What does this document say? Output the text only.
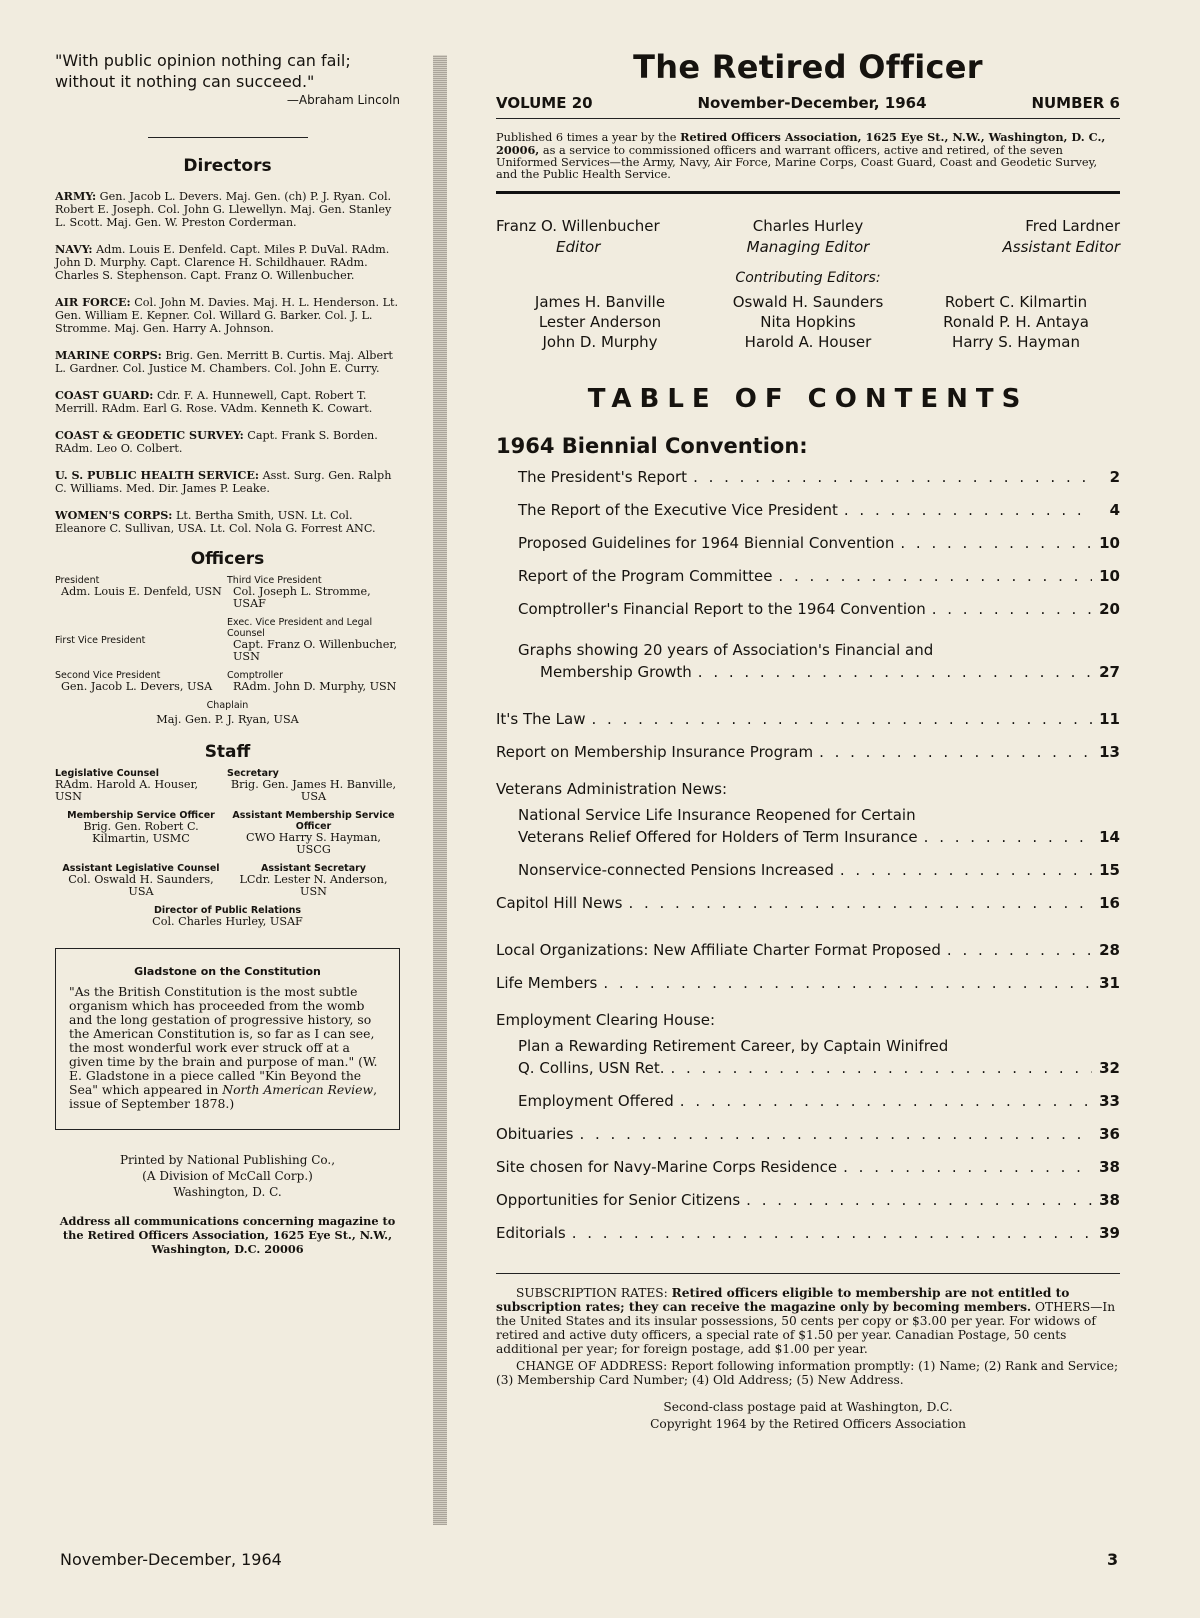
"With public opinion nothing can fail; without it nothing can succeed."
—Abraham Lincoln
Directors
ARMY: Gen. Jacob L. Devers. Maj. Gen. (ch) P. J. Ryan. Col. Robert E. Joseph. Col. John G. Llewellyn. Maj. Gen. Stanley L. Scott. Maj. Gen. W. Preston Corderman.
NAVY: Adm. Louis E. Denfeld. Capt. Miles P. DuVal. RAdm. John D. Murphy. Capt. Clarence H. Schildhauer. RAdm. Charles S. Stephenson. Capt. Franz O. Willenbucher.
AIR FORCE: Col. John M. Davies. Maj. H. L. Henderson. Lt. Gen. William E. Kepner. Col. Willard G. Barker. Col. J. L. Stromme. Maj. Gen. Harry A. Johnson.
MARINE CORPS: Brig. Gen. Merritt B. Curtis. Maj. Albert L. Gardner. Col. Justice M. Chambers. Col. John E. Curry.
COAST GUARD: Cdr. F. A. Hunnewell, Capt. Robert T. Merrill. RAdm. Earl G. Rose. VAdm. Kenneth K. Cowart.
COAST & GEODETIC SURVEY: Capt. Frank S. Borden. RAdm. Leo O. Colbert.
U. S. PUBLIC HEALTH SERVICE: Asst. Surg. Gen. Ralph C. Williams. Med. Dir. James P. Leake.
WOMEN'S CORPS: Lt. Bertha Smith, USN. Lt. Col. Eleanore C. Sullivan, USA. Lt. Col. Nola G. Forrest ANC.
Officers
President
Adm. Louis E. Denfeld, USN
Third Vice President
Col. Joseph L. Stromme, USAF
First Vice President
Exec. Vice President and Legal Counsel
Capt. Franz O. Willenbucher, USN
Second Vice President
Gen. Jacob L. Devers, USA
Comptroller
RAdm. John D. Murphy, USN
Chaplain
Maj. Gen. P. J. Ryan, USA
Staff
Legislative Counsel
RAdm. Harold A. Houser, USN
Secretary
Brig. Gen. James H. Banville, USA
Membership Service Officer
Brig. Gen. Robert C. Kilmartin, USMC
Assistant Membership Service Officer
CWO Harry S. Hayman, USCG
Assistant Legislative Counsel
Col. Oswald H. Saunders, USA
Assistant Secretary
LCdr. Lester N. Anderson, USN
Director of Public Relations
Col. Charles Hurley, USAF
Gladstone on the Constitution
"As the British Constitution is the most subtle organism which has proceeded from the womb and the long gestation of progressive history, so the American Constitution is, so far as I can see, the most wonderful work ever struck off at a given time by the brain and purpose of man." (W. E. Gladstone in a piece called "Kin Beyond the Sea" which appeared in North American Review, issue of September 1878.)
Printed by National Publishing Co.,
(A Division of McCall Corp.)
Washington, D. C.
Address all communications concerning magazine to the Retired Officers Association, 1625 Eye St., N.W., Washington, D.C. 20006
The Retired Officer
VOLUME 20	November-December, 1964	NUMBER 6
Published 6 times a year by the Retired Officers Association, 1625 Eye St., N.W., Washington, D. C., 20006, as a service to commissioned officers and warrant officers, active and retired, of the seven Uniformed Services—the Army, Navy, Air Force, Marine Corps, Coast Guard, Coast and Geodetic Survey, and the Public Health Service.
Franz O. Willenbucher
Editor
Charles Hurley
Managing Editor
Fred Lardner
Assistant Editor
Contributing Editors:
James H. Banville
Lester Anderson
John D. Murphy
Oswald H. Saunders
Nita Hopkins
Harold A. Houser
Robert C. Kilmartin
Ronald P. H. Antaya
Harry S. Hayman
TABLE OF CONTENTS
1964 Biennial Convention:
The President's Report . . .	2
The Report of the Executive Vice President . . .	4
Proposed Guidelines for 1964 Biennial Convention . . .	10
Report of the Program Committee . . .	10
Comptroller's Financial Report to the 1964 Convention . . .	20
Graphs showing 20 years of Association's Financial and
Membership Growth . . .	27
It's The Law . . .	11
Report on Membership Insurance Program . . .	13
Veterans Administration News:
National Service Life Insurance Reopened for Certain
Veterans Relief Offered for Holders of Term Insurance . . .	14
Nonservice-connected Pensions Increased . . .	15
Capitol Hill News . . .	16
Local Organizations: New Affiliate Charter Format Proposed . . .	28
Life Members . . .	31
Employment Clearing House:
Plan a Rewarding Retirement Career, by Captain Winifred
Q. Collins, USN Ret. . . .	32
Employment Offered . . .	33
Obituaries . . .	36
Site chosen for Navy-Marine Corps Residence . . .	38
Opportunities for Senior Citizens . . .	38
Editorials . . .	39

SUBSCRIPTION RATES: Retired officers eligible to membership are not entitled to subscription rates; they can receive the magazine only by becoming members. OTHERS—In the United States and its insular possessions, 50 cents per copy or $3.00 per year. For widows of retired and active duty officers, a special rate of $1.50 per year. Canadian Postage, 50 cents additional per year; for foreign postage, add $1.00 per year.

CHANGE OF ADDRESS: Report following information promptly: (1) Name; (2) Rank and Service; (3) Membership Card Number; (4) Old Address; (5) New Address.

Second-class postage paid at Washington, D.C.
Copyright 1964 by the Retired Officers Association
November-December, 1964	3
